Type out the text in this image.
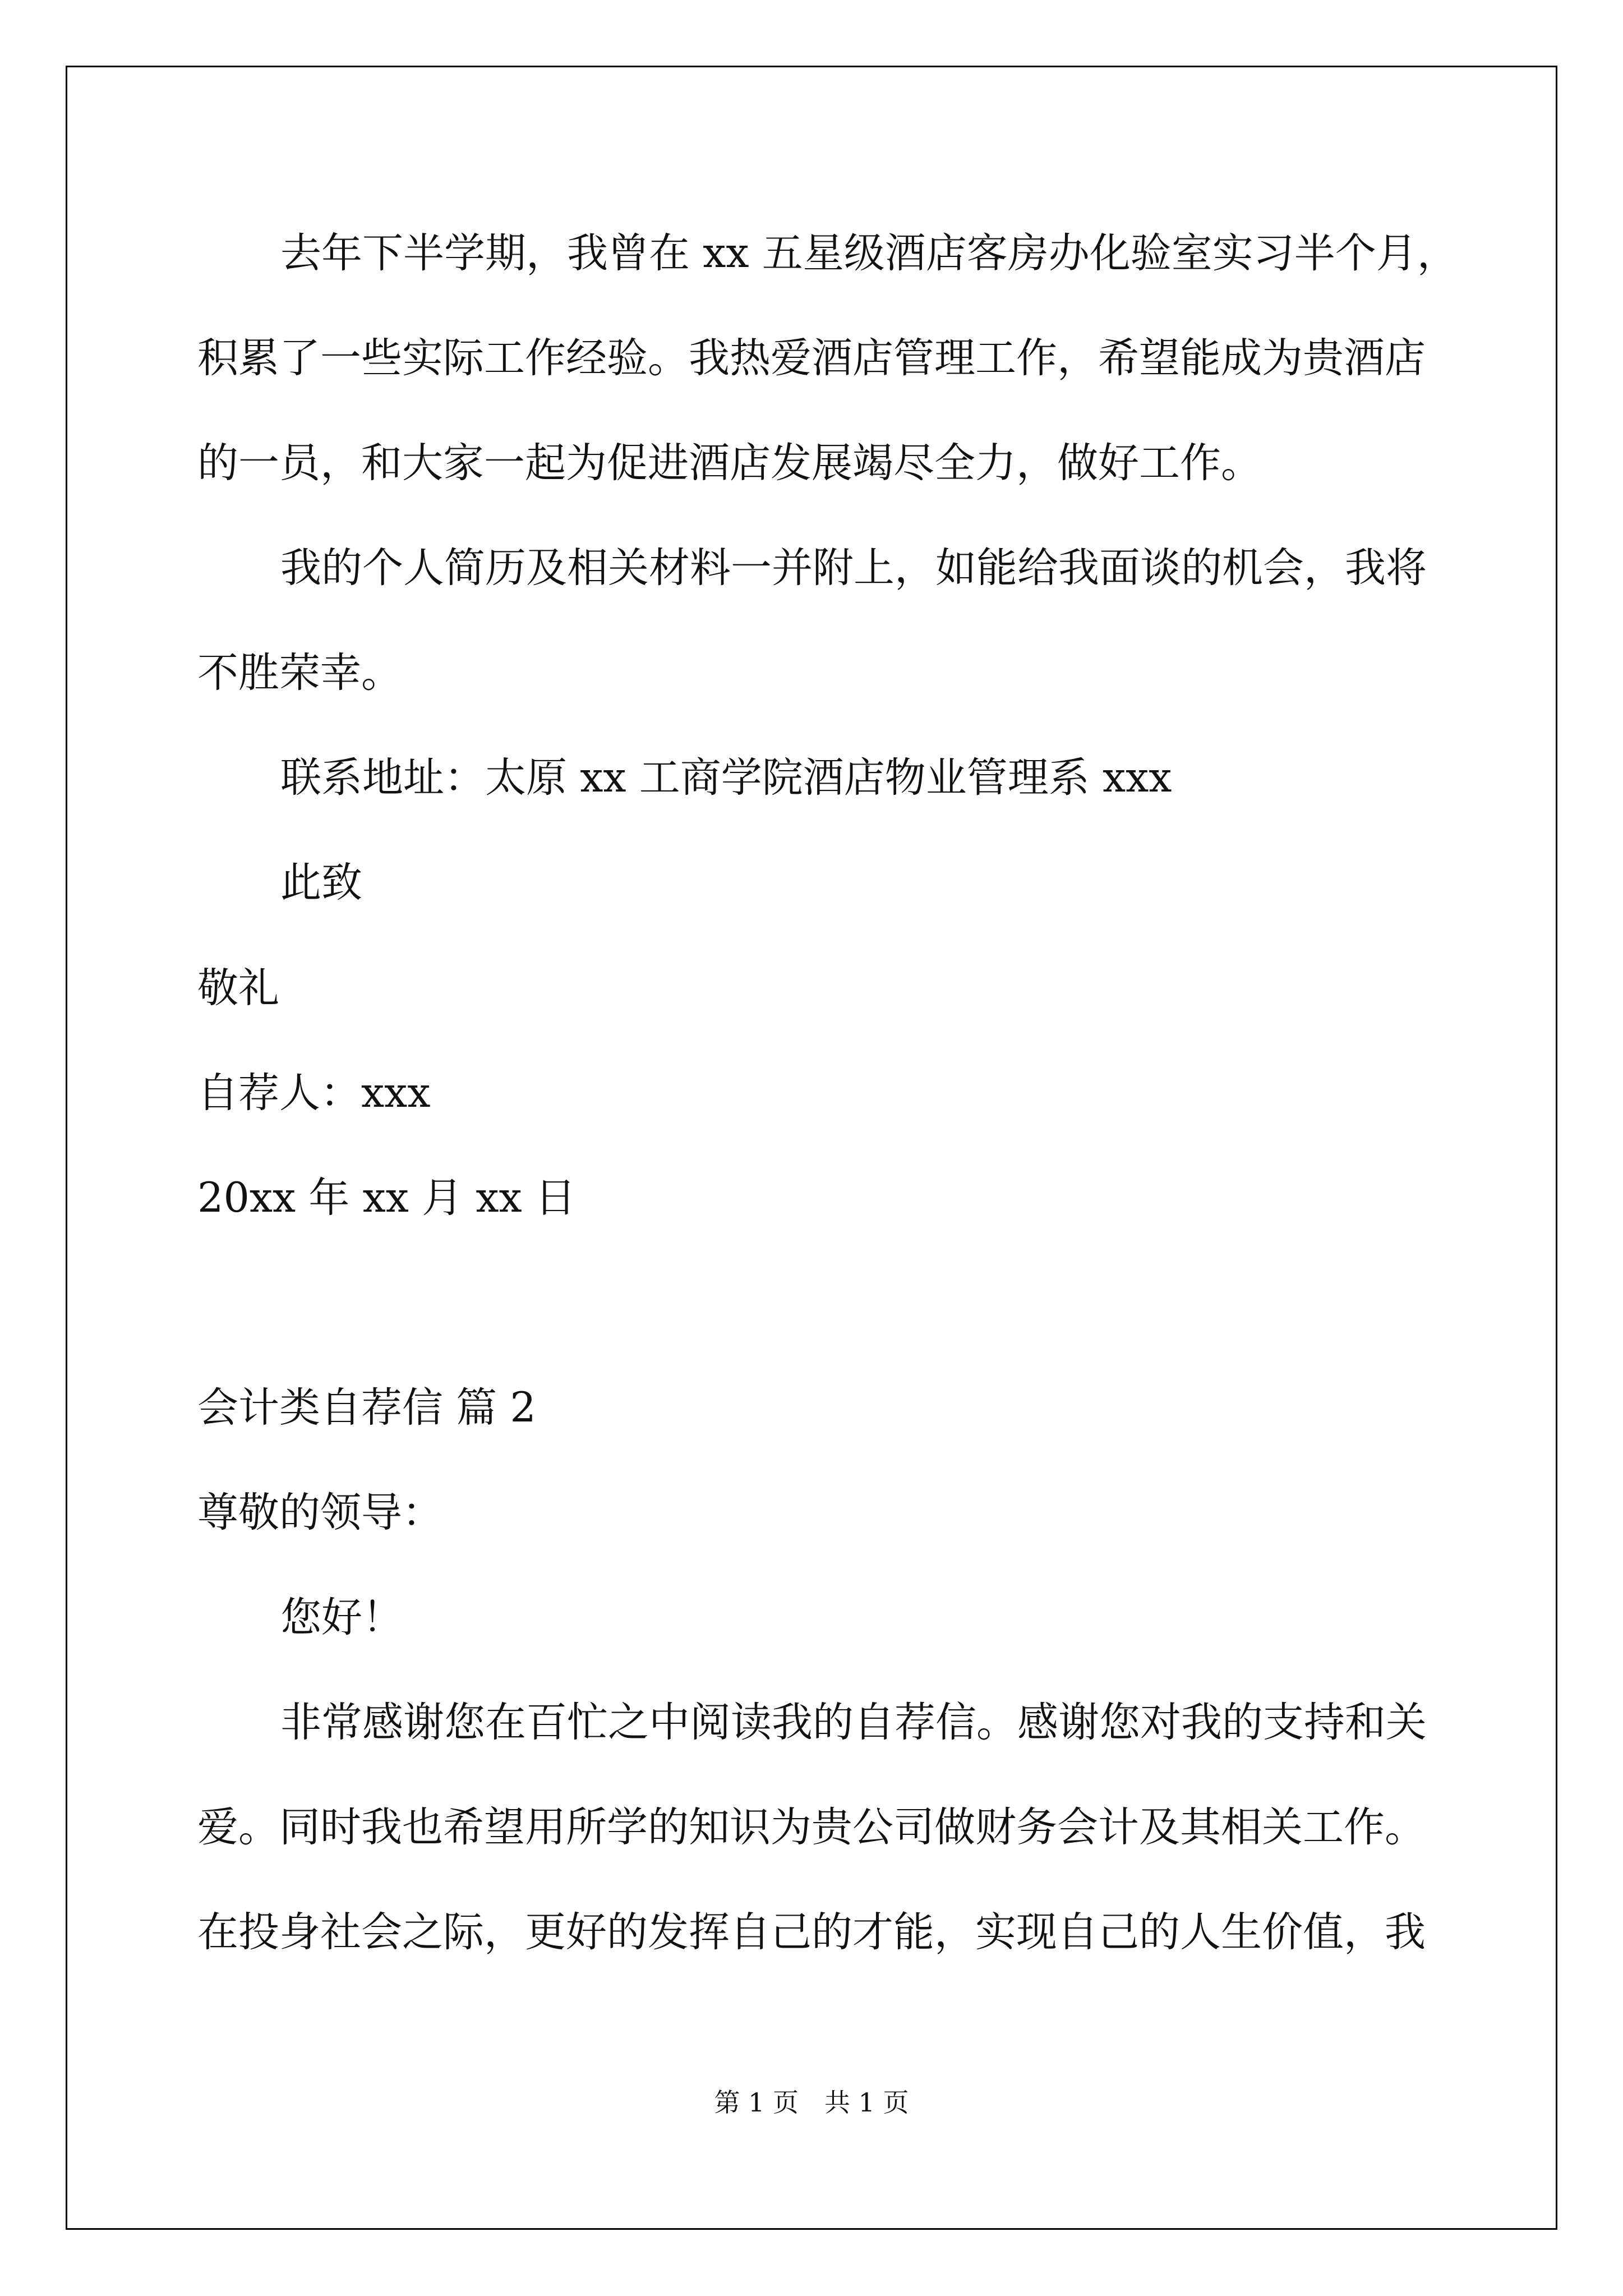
去年下半学期，我曾在 xx 五星级酒店客房办化验室实习半个月，
积累了一些实际工作经验。我热爱酒店管理工作，希望能成为贵酒店
的一员，和大家一起为促进酒店发展竭尽全力，做好工作。
我的个人简历及相关材料一并附上，如能给我面谈的机会，我将
不胜荣幸。
联系地址：太原 xx 工商学院酒店物业管理系 xxx
此致
敬礼
自荐人：xxx
20xx 年 xx 月 xx 日
会计类自荐信 篇 2
尊敬的领导：
您好！
非常感谢您在百忙之中阅读我的自荐信。感谢您对我的支持和关
爱。同时我也希望用所学的知识为贵公司做财务会计及其相关工作。
在投身社会之际，更好的发挥自己的才能，实现自己的人生价值，我
第 1 页　共 1 页
